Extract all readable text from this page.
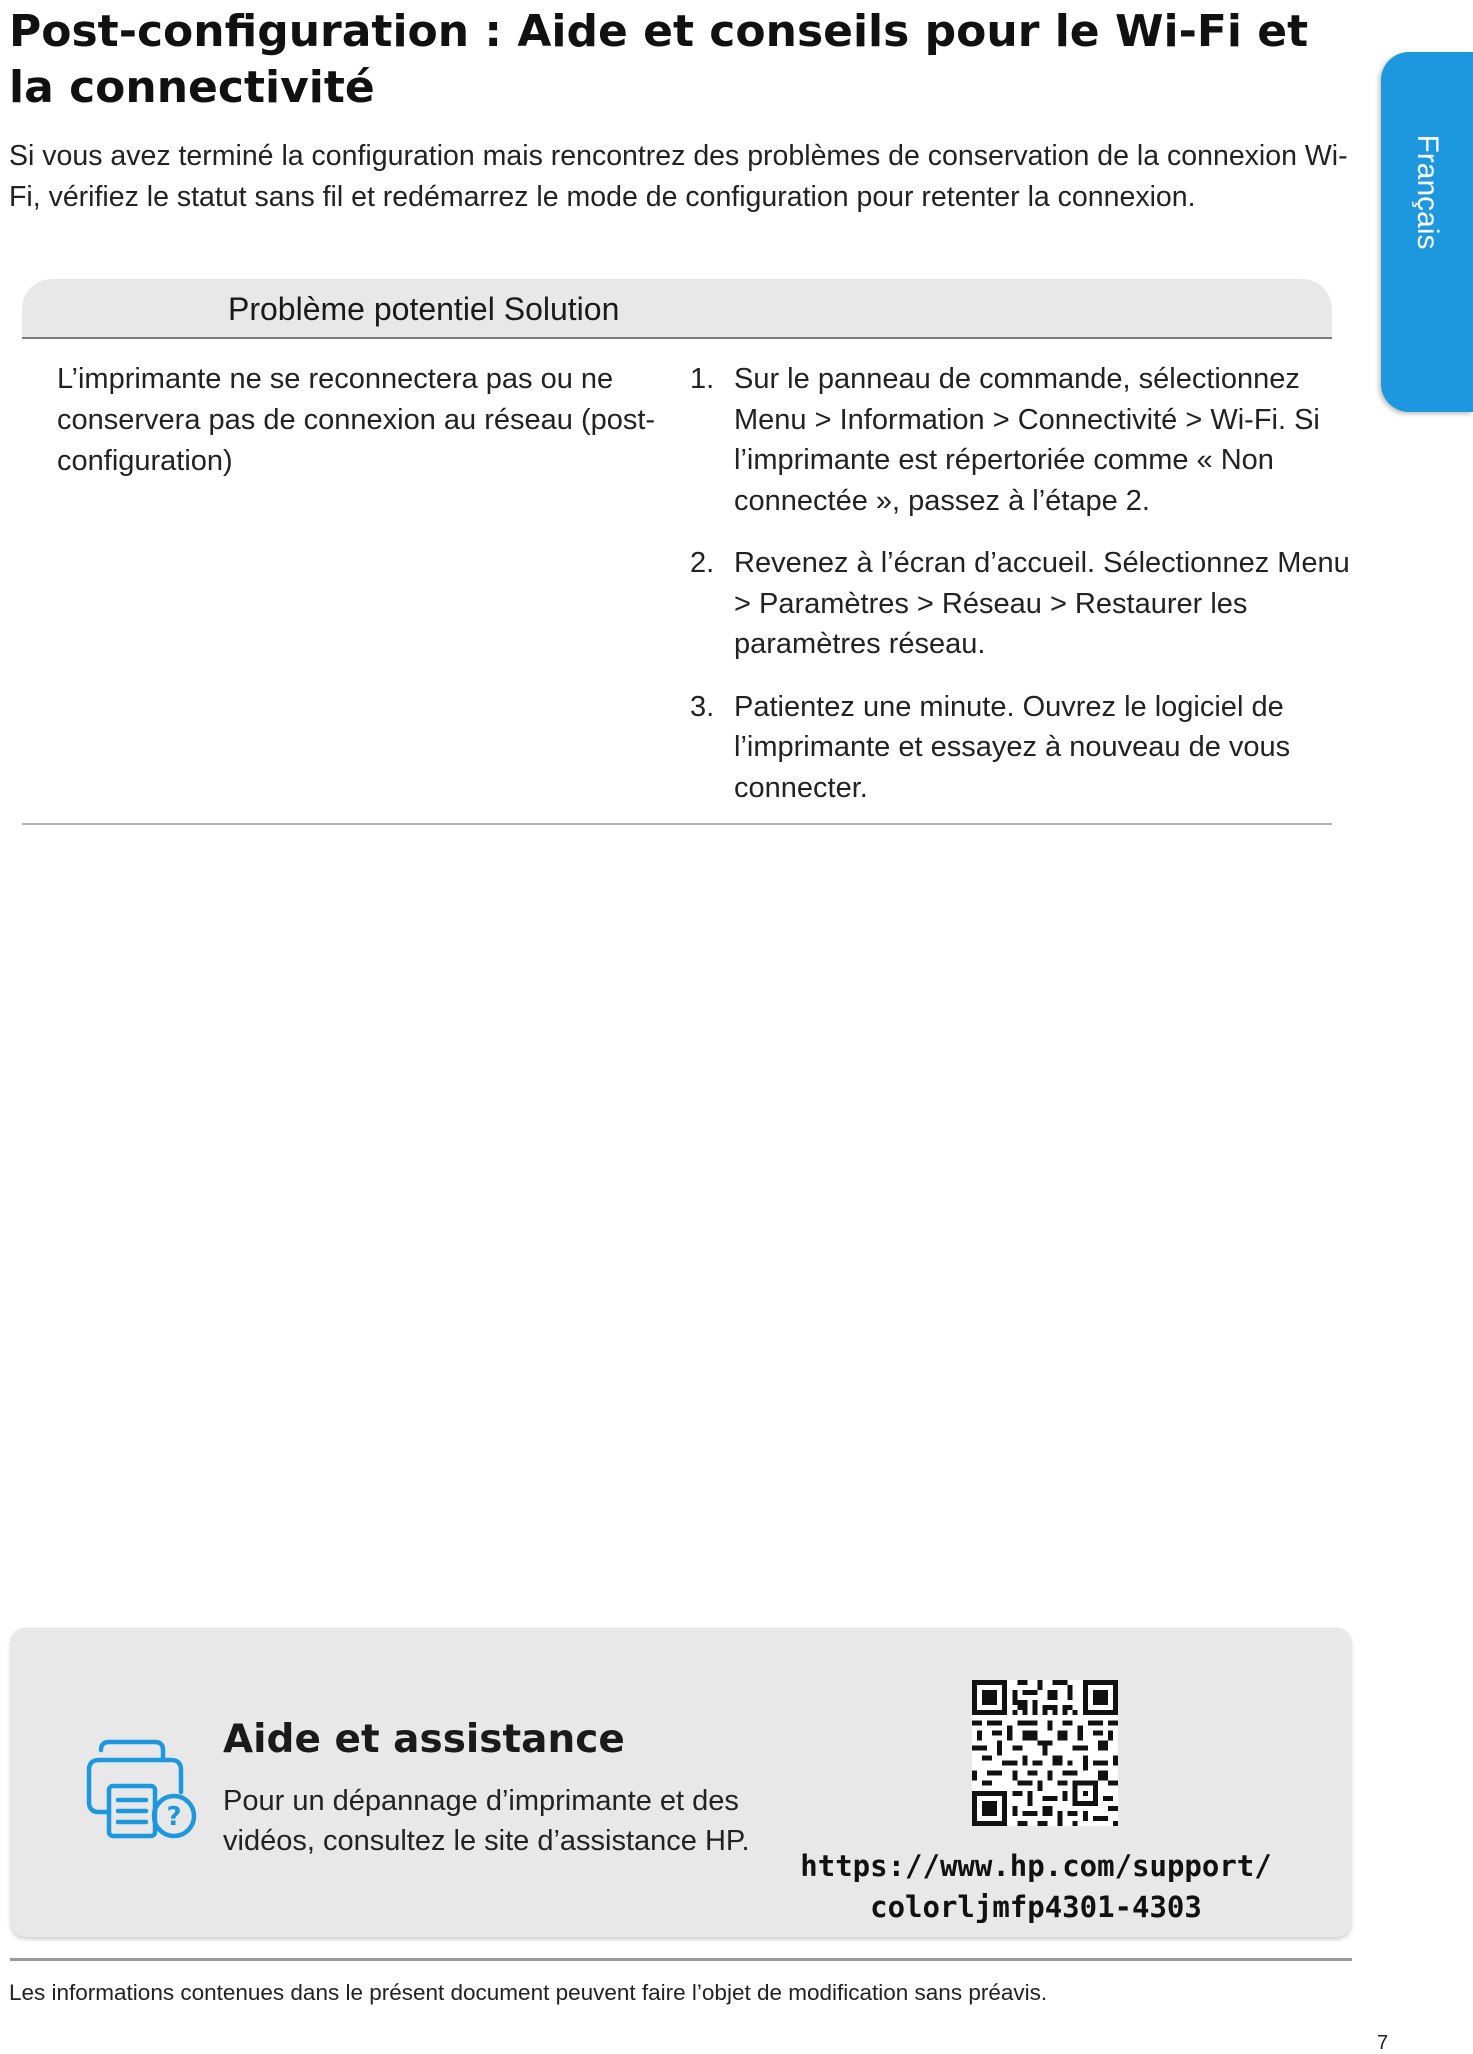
Post-configuration : Aide et conseils pour le Wi-Fi et la connectivité

Si vous avez terminé la configuration mais rencontrez des problèmes de conservation de la connexion Wi-Fi, vérifiez le statut sans fil et redémarrez le mode de configuration pour retenter la connexion.	Français
Problème potentiel Solution
L’imprimante ne se reconnectera pas ou ne conservera pas de connexion au réseau (post-configuration)
1. Sur le panneau de commande, sélectionnez Menu > Information > Connectivité > Wi-Fi. Si l’imprimante est répertoriée comme « Non connectée », passez à l’étape 2.
2. Revenez à l’écran d’accueil. Sélectionnez Menu > Paramètres > Réseau > Restaurer les paramètres réseau.
3. Patientez une minute. Ouvrez le logiciel de l’imprimante et essayez à nouveau de vous connecter.
?
Aide et assistance

Pour un dépannage d’imprimante et des vidéos, consultez le site d’assistance HP.

https://www.hp.com/support/
colorljmfp4301-4303
Les informations contenues dans le présent document peuvent faire l’objet de modification sans préavis.
7
